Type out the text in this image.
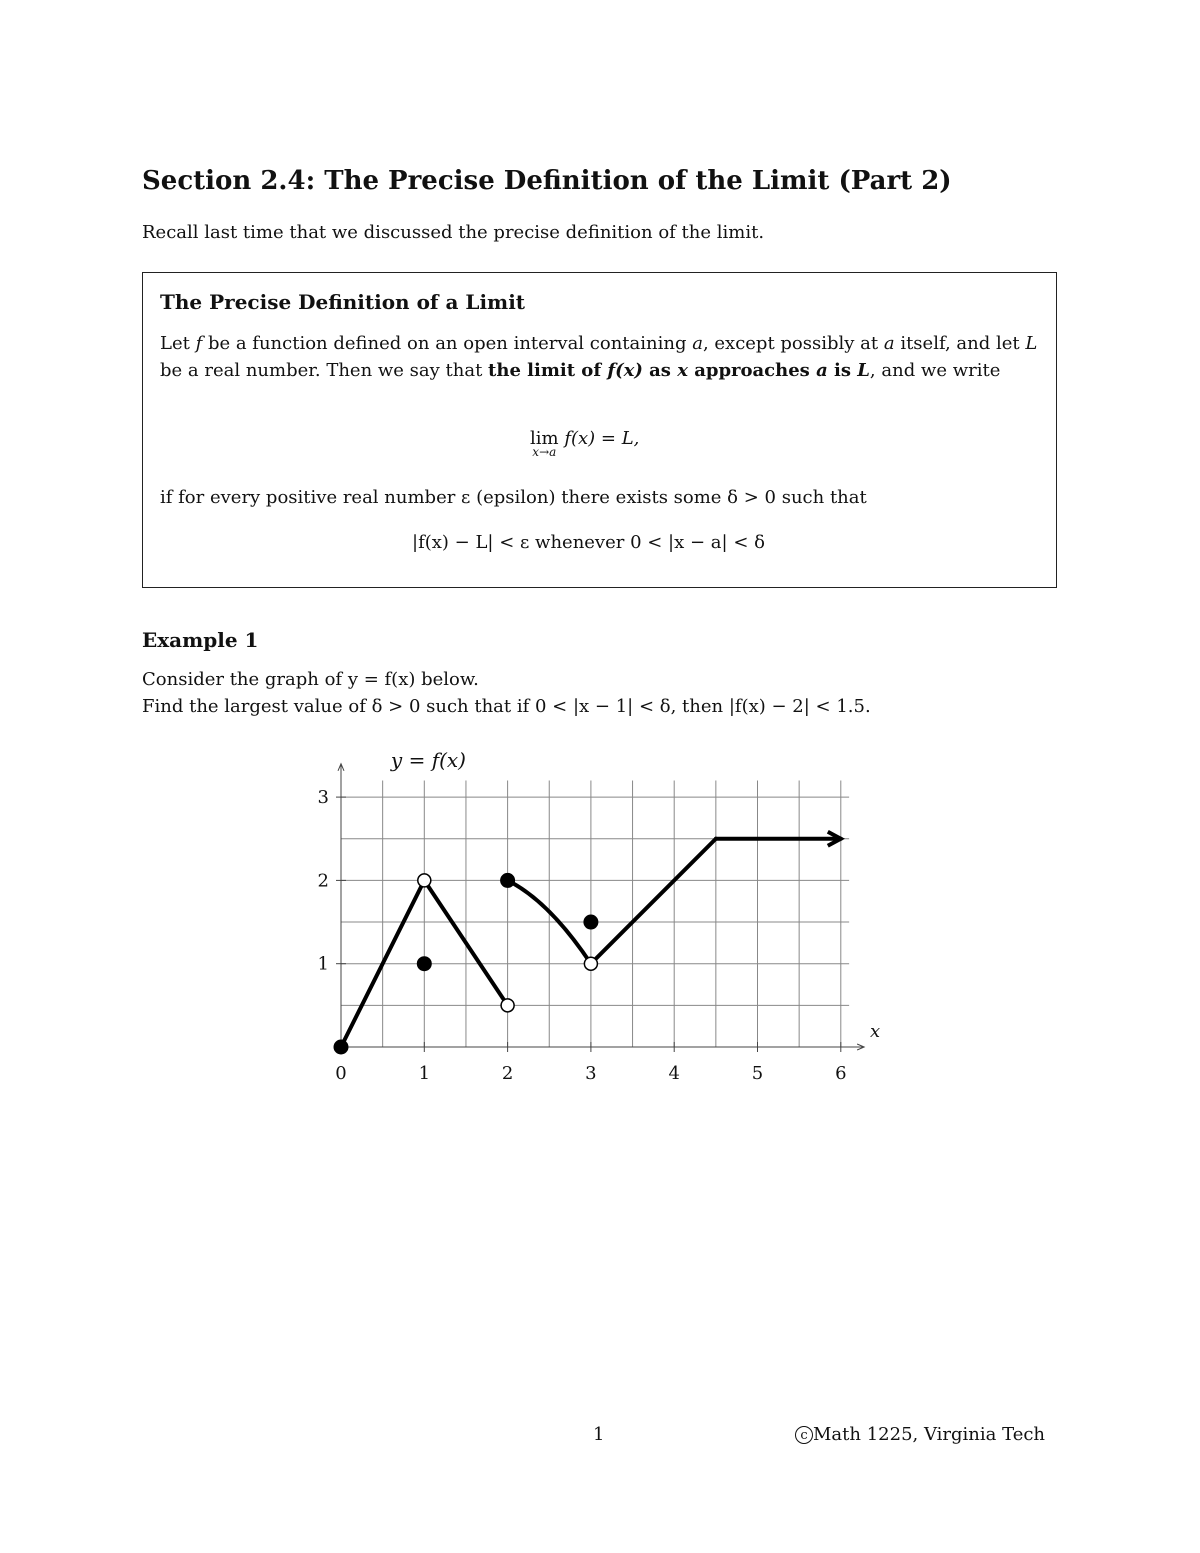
Section 2.4: The Precise Definition of the Limit (Part 2)
Recall last time that we discussed the precise definition of the limit.
The Precise Definition of a Limit
Let f be a function defined on an open interval containing a, except possibly at a itself, and let L be a real number. Then we say that the limit of f(x) as x approaches a is L, and we write
lim
x→a
f(x) = L,
if for every positive real number ε (epsilon) there exists some δ > 0 such that
|f(x) − L| < ε whenever 0 < |x − a| < δ
Example 1
Consider the graph of y = f(x) below.
Find the largest value of δ > 0 such that if 0 < |x − 1| < δ, then |f(x) − 2| < 1.5.
0	1	2	3	4	5	6
1
2
3
x
y = f(x)
1	c Math 1225, Virginia Tech
